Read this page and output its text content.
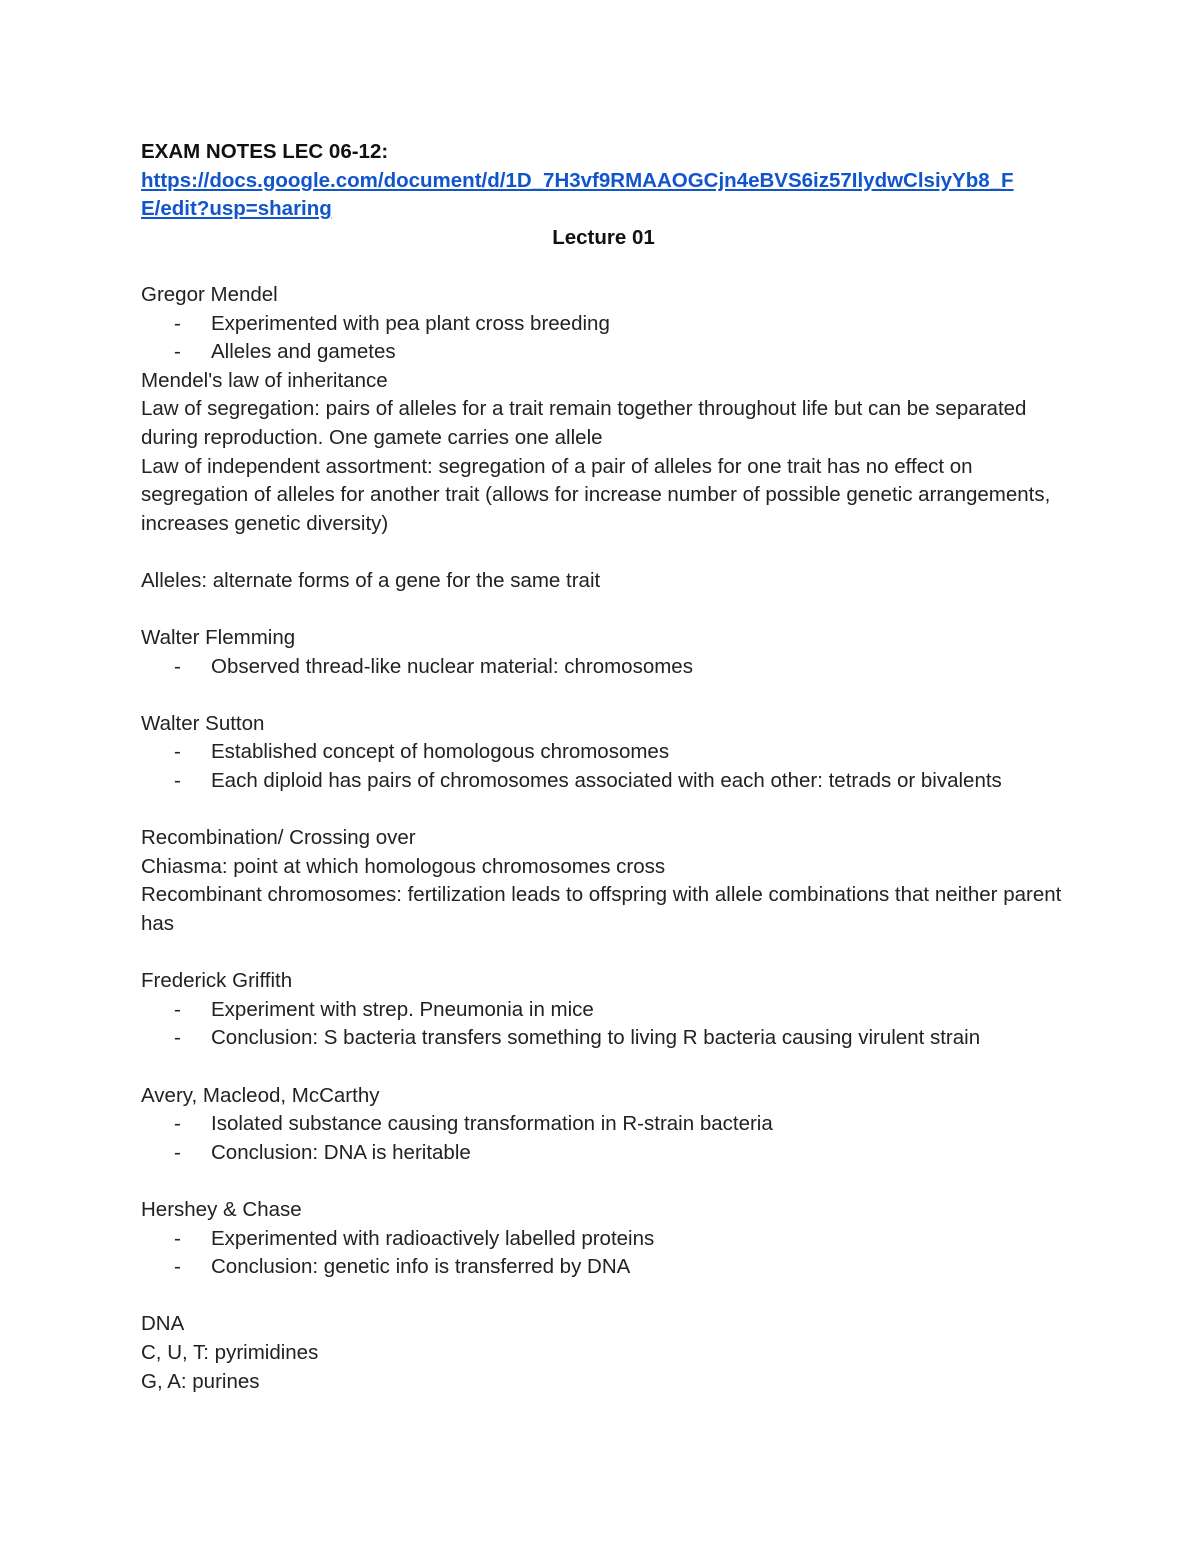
EXAM NOTES LEC 06-12:

https://docs.google.com/document/d/1D_7H3vf9RMAAOGCjn4eBVS6iz57IlydwClsiyYb8_F
E/edit?usp=sharing

Lecture 01

Gregor Mendel

- Experimented with pea plant cross breeding
- Alleles and gametes

Mendel's law of inheritance

Law of segregation: pairs of alleles for a trait remain together throughout life but can be separated during reproduction. One gamete carries one allele

Law of independent assortment: segregation of a pair of alleles for one trait has no effect on segregation of alleles for another trait (allows for increase number of possible genetic arrangements, increases genetic diversity)

Alleles: alternate forms of a gene for the same trait

Walter Flemming

- Observed thread-like nuclear material: chromosomes

Walter Sutton

- Established concept of homologous chromosomes
- Each diploid has pairs of chromosomes associated with each other: tetrads or bivalents

Recombination/ Crossing over

Chiasma: point at which homologous chromosomes cross

Recombinant chromosomes: fertilization leads to offspring with allele combinations that neither parent has

Frederick Griffith

- Experiment with strep. Pneumonia in mice
- Conclusion: S bacteria transfers something to living R bacteria causing virulent strain

Avery, Macleod, McCarthy

- Isolated substance causing transformation in R-strain bacteria
- Conclusion: DNA is heritable

Hershey & Chase

- Experimented with radioactively labelled proteins
- Conclusion: genetic info is transferred by DNA

DNA

C, U, T: pyrimidines

G, A: purines
